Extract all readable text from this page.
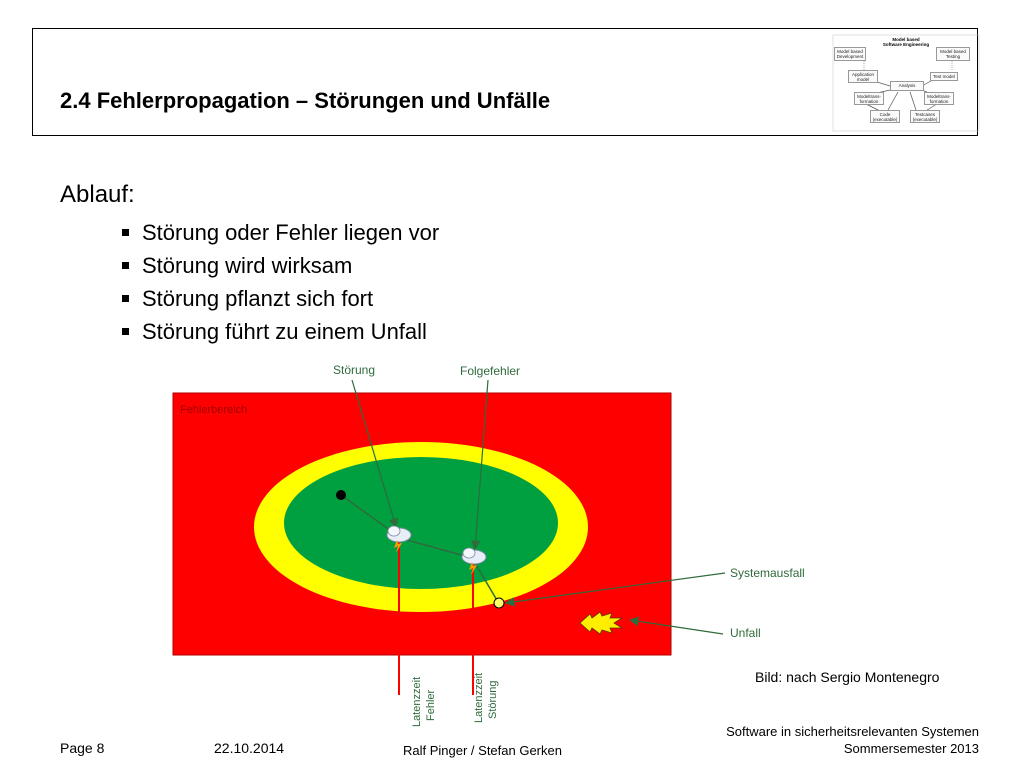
2.4 Fehlerpropagation – Störungen und Unfälle
Model based
Software Engineering
Model based
Development
Model based
Testing
Application
model
Test model
Analysis
Modeltrans-
formation
Modeltrans-
formation
Code
(executable)
Testcases
(executable)
Ablauf:
Störung oder Fehler liegen vor
Störung wird wirksam
Störung pflanzt sich fort
Störung führt zu einem Unfall
Fehlerbereich
Störung	Folgefehler
Systemausfall
Unfall
Latenzzeit Fehler	Latenzzeit Störung
Bild: nach Sergio Montenegro
Page 8	22.10.2014	Ralf Pinger / Stefan Gerken
Software in sicherheitsrelevanten Systemen
Sommersemester 2013
